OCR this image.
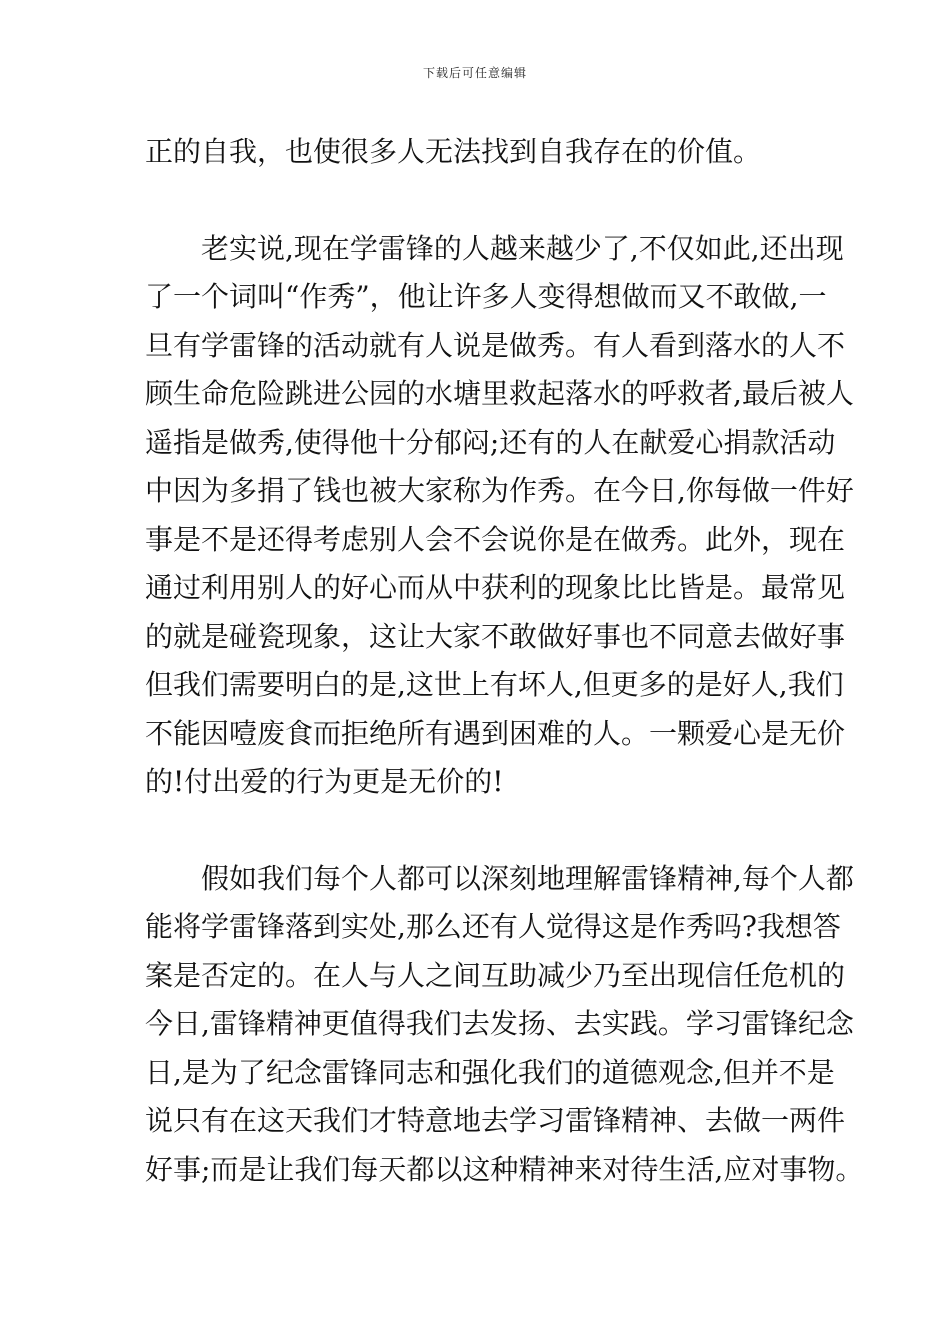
下载后可任意编辑
正的自我，也使很多人无法找到自我存在的价值。
　　老实说,现在学雷锋的人越来越少了,不仅如此,还出现
了一个词叫“作秀”，他让许多人变得想做而又不敢做,一
旦有学雷锋的活动就有人说是做秀。有人看到落水的人不
顾生命危险跳进公园的水塘里救起落水的呼救者,最后被人
遥指是做秀,使得他十分郁闷;还有的人在献爱心捐款活动
中因为多捐了钱也被大家称为作秀。在今日,你每做一件好
事是不是还得考虑别人会不会说你是在做秀。此外，现在
通过利用别人的好心而从中获利的现象比比皆是。最常见
的就是碰瓷现象，这让大家不敢做好事也不同意去做好事
但我们需要明白的是,这世上有坏人,但更多的是好人,我们
不能因噎废食而拒绝所有遇到困难的人。一颗爱心是无价
的!付出爱的行为更是无价的!
　　假如我们每个人都可以深刻地理解雷锋精神,每个人都
能将学雷锋落到实处,那么还有人觉得这是作秀吗?我想答
案是否定的。在人与人之间互助减少乃至出现信任危机的
今日,雷锋精神更值得我们去发扬、去实践。学习雷锋纪念
日,是为了纪念雷锋同志和强化我们的道德观念,但并不是
说只有在这天我们才特意地去学习雷锋精神、去做一两件
好事;而是让我们每天都以这种精神来对待生活,应对事物。
